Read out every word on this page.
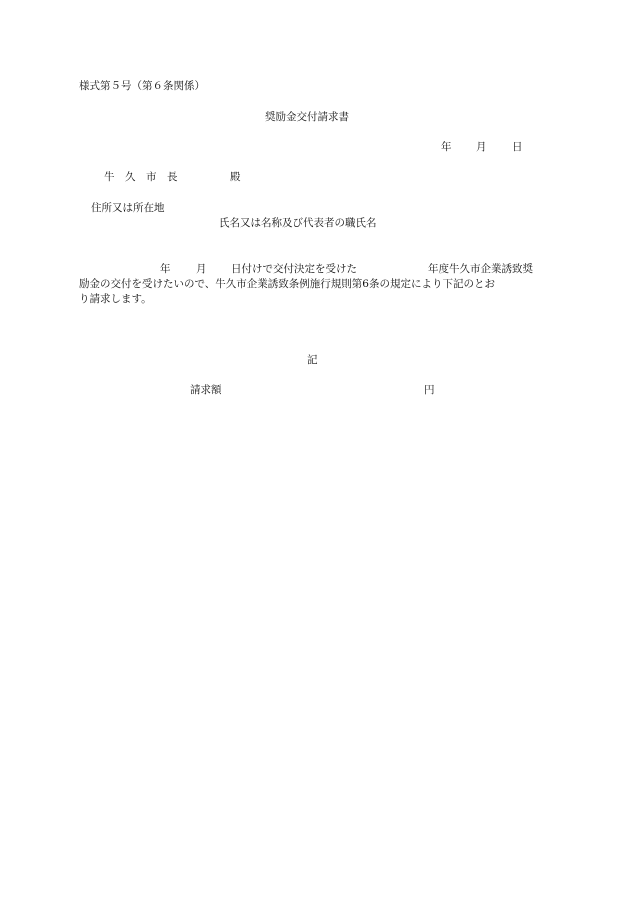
様式第５号（第６条関係）
奨励金交付請求書
年 月 日
牛　久　市　長	殿
住所又は所在地
氏名又は名称及び代表者の職氏名
年 月 日付けで交付決定を受けた	年度牛久市企業誘致奨
励金の交付を受けたいので、牛久市企業誘致条例施行規則第6条の規定により下記のとお
り請求します。
記
請求額	円
